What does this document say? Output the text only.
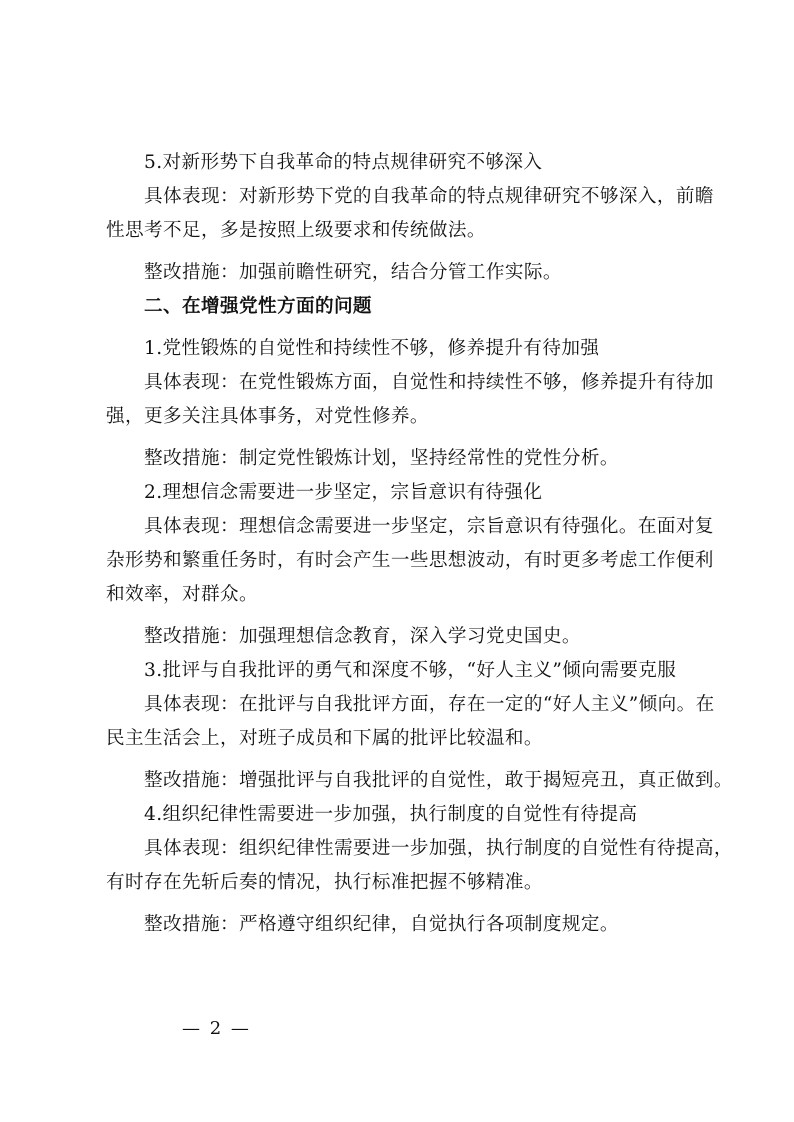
5.对新形势下自我革命的特点规律研究不够深入
具体表现：对新形势下党的自我革命的特点规律研究不够深入，前瞻
性思考不足，多是按照上级要求和传统做法。
整改措施：加强前瞻性研究，结合分管工作实际。
二、在增强党性方面的问题
1.党性锻炼的自觉性和持续性不够，修养提升有待加强
具体表现：在党性锻炼方面，自觉性和持续性不够，修养提升有待加
强，更多关注具体事务，对党性修养。
整改措施：制定党性锻炼计划，坚持经常性的党性分析。
2.理想信念需要进一步坚定，宗旨意识有待强化
具体表现：理想信念需要进一步坚定，宗旨意识有待强化。在面对复
杂形势和繁重任务时，有时会产生一些思想波动，有时更多考虑工作便利
和效率，对群众。
整改措施：加强理想信念教育，深入学习党史国史。
3.批评与自我批评的勇气和深度不够，“好人主义”倾向需要克服
具体表现：在批评与自我批评方面，存在一定的“好人主义”倾向。在
民主生活会上，对班子成员和下属的批评比较温和。
整改措施：增强批评与自我批评的自觉性，敢于揭短亮丑，真正做到。
4.组织纪律性需要进一步加强，执行制度的自觉性有待提高
具体表现：组织纪律性需要进一步加强，执行制度的自觉性有待提高，
有时存在先斩后奏的情况，执行标准把握不够精准。
整改措施：严格遵守组织纪律，自觉执行各项制度规定。
— 2 —
